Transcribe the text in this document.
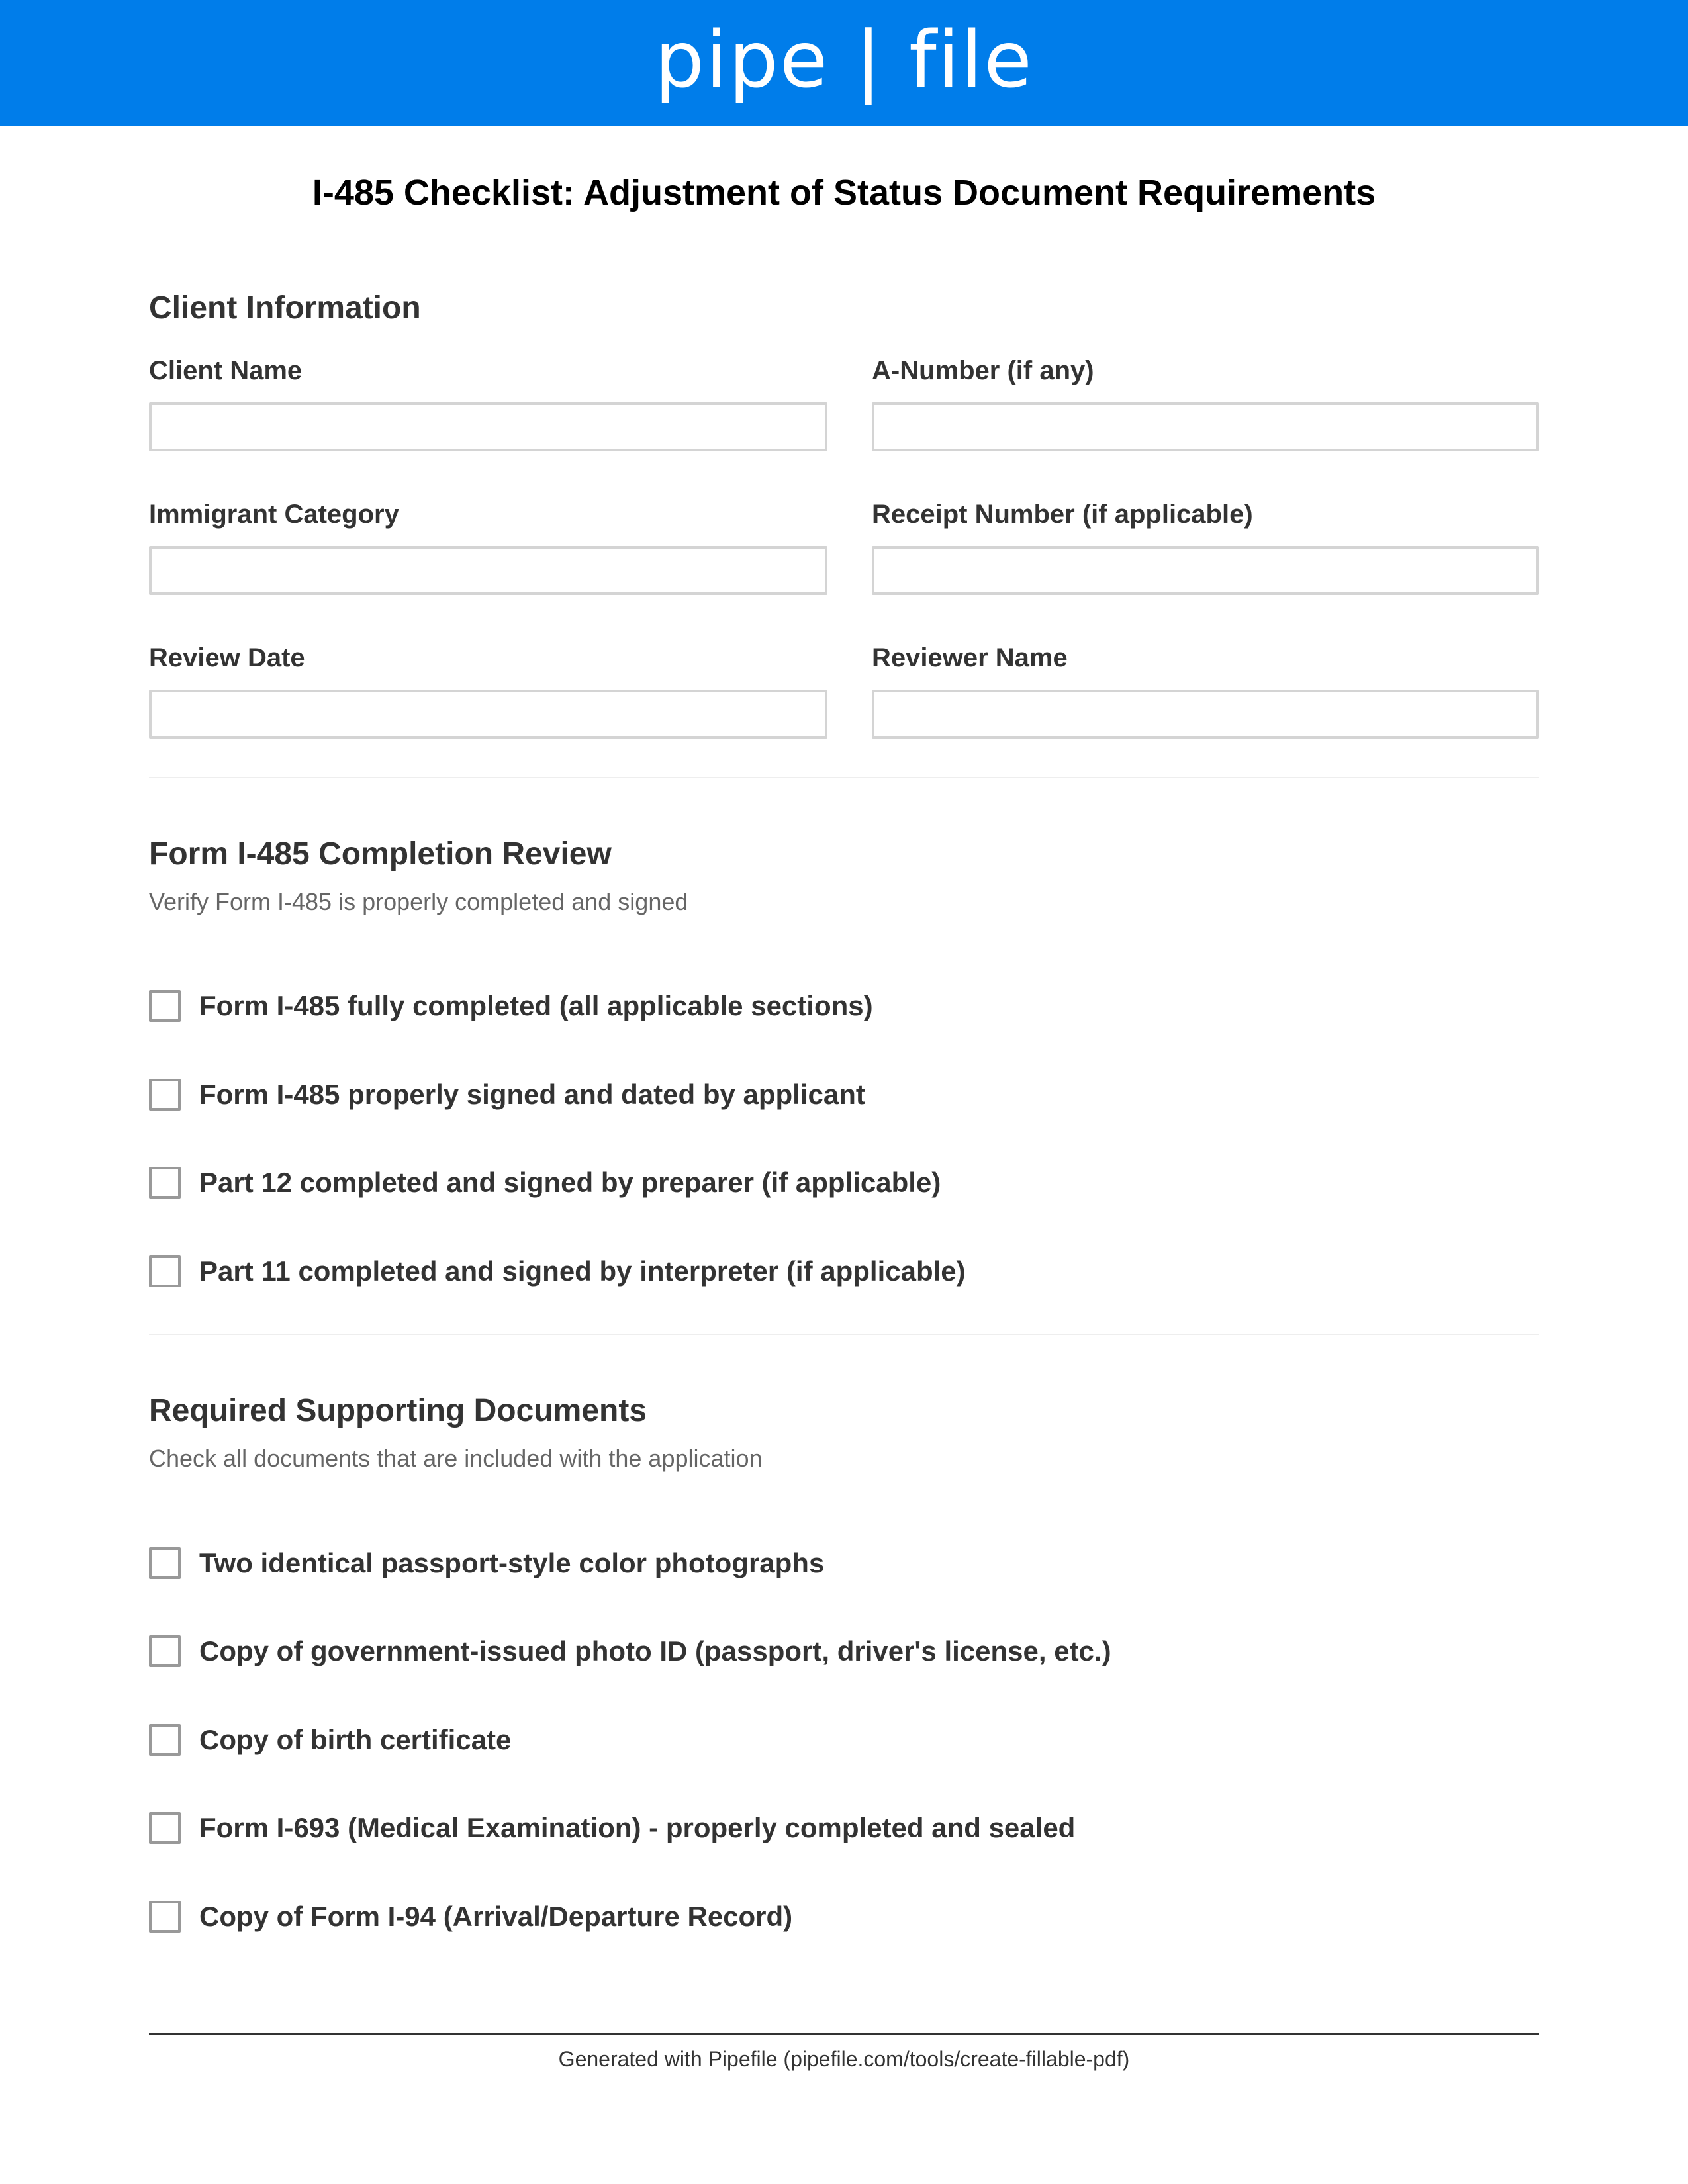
pipe | file
I-485 Checklist: Adjustment of Status Document Requirements
Client Information
Client Name	A-Number (if any)
Immigrant Category	Receipt Number (if applicable)
Review Date	Reviewer Name
Form I-485 Completion Review
Verify Form I-485 is properly completed and signed
Form I-485 fully completed (all applicable sections)
Form I-485 properly signed and dated by applicant
Part 12 completed and signed by preparer (if applicable)
Part 11 completed and signed by interpreter (if applicable)
Required Supporting Documents
Check all documents that are included with the application
Two identical passport-style color photographs
Copy of government-issued photo ID (passport, driver's license, etc.)
Copy of birth certificate
Form I-693 (Medical Examination) - properly completed and sealed
Copy of Form I-94 (Arrival/Departure Record)
Generated with Pipefile (pipefile.com/tools/create-fillable-pdf)
